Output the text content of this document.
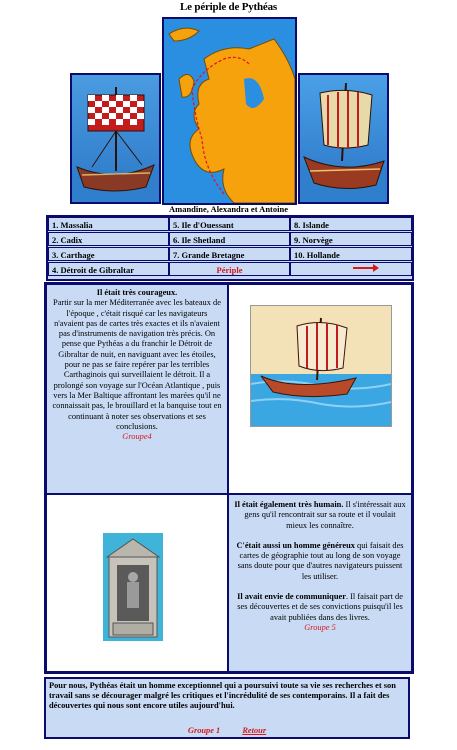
Le périple de Pythéas
Amandine, Alexandra et Antoine
1. Massalia
2. Cadix
3. Carthage
4. Détroit de Gibraltar
5. Ile d'Ouessant
6. Ile Shetland
7. Grande Bretagne
Périple
8. Islande
9. Norvège
10. Hollande

Il était très courageux.

Partir sur la mer Méditerranée avec les bateaux de l'époque , c'était risqué car les navigateurs n'avaient pas de cartes très exactes et ils n'avaient pas d'instruments de navigation très précis. On pense que Pythéas a du franchir le Détroit de Gibraltar de nuit, en naviguant avec les étoiles, pour ne pas se faire repérer par les terribles Carthaginois qui surveillaient le détroit. Il a prolongé son voyage sur l'Océan Atlantique , puis vers la Mer Baltique affrontant les marées qu'il ne connaissait pas, le brouillard et la banquise tout en continuant à noter ses observations et ses conclusions.

Groupe4

Il était également très humain. Il s'intéressait aux gens qu'il rencontrait sur sa route et il voulait mieux les connaître.

C'était aussi un homme généreux qui faisait des cartes de géographie tout au long de son voyage sans doute pour que d'autres navigateurs puissent les utiliser.

Il avait envie de communiquer. Il faisait part de ses découvertes et de ses convictions puisqu'il les avait publiées dans des livres.

Groupe 5

Pour nous, Pythéas était un homme exceptionnel qui a poursuivi toute sa vie ses recherches et son travail sans se décourager malgré les critiques et l'incrédulité de ses contemporains. Il a fait des découvertes qui nous sont encore utiles aujourd'hui.
Groupe 1	Retour
